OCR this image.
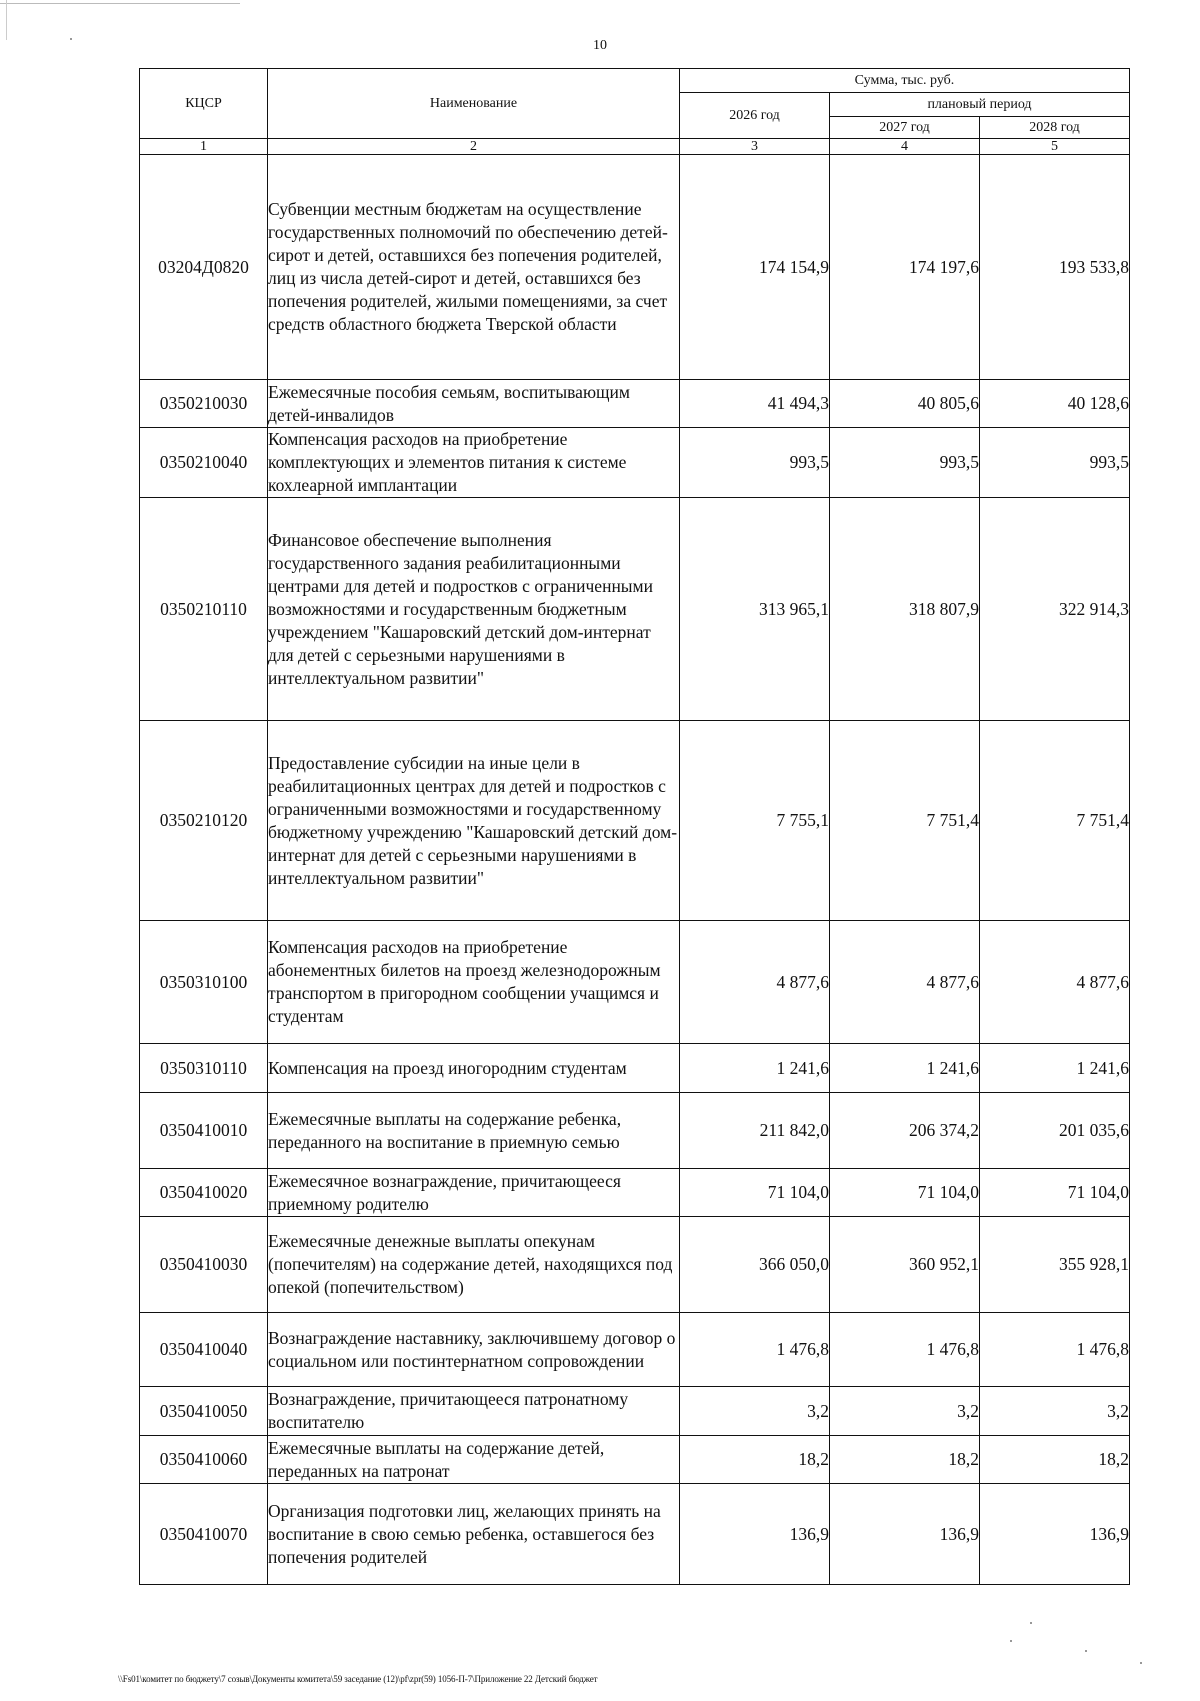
10
КЦСР	Наименование	Сумма, тыс. руб.		
		2026 год	плановый период	
			2027 год	2028 год
1	2	3	4	5
03204Д0820	Субвенции местным бюджетам на осуществление государственных полномочий по обеспечению детей-сирот и детей, оставшихся без попечения родителей, лиц из числа детей-сирот и детей, оставшихся без попечения родителей, жилыми помещениями, за счет средств областного бюджета Тверской области	174 154,9	174 197,6	193 533,8
0350210030	Ежемесячные пособия семьям, воспитывающим детей-инвалидов	41 494,3	40 805,6	40 128,6
0350210040	Компенсация расходов на приобретение комплектующих и элементов питания к системе кохлеарной имплантации	993,5	993,5	993,5
0350210110	Финансовое обеспечение выполнения государственного задания реабилитационными центрами для детей и подростков с ограниченными возможностями и государственным бюджетным учреждением "Кашаровский детский дом-интернат для детей с серьезными нарушениями в интеллектуальном развитии"	313 965,1	318 807,9	322 914,3
0350210120	Предоставление субсидии на иные цели в реабилитационных центрах для детей и подростков с ограниченными возможностями и государственному бюджетному учреждению "Кашаровский детский дом-интернат для детей с серьезными нарушениями в интеллектуальном развитии"	7 755,1	7 751,4	7 751,4
0350310100	Компенсация расходов на приобретение абонементных билетов на проезд железнодорожным транспортом в пригородном сообщении учащимся и студентам	4 877,6	4 877,6	4 877,6
0350310110	Компенсация на проезд иногородним студентам	1 241,6	1 241,6	1 241,6
0350410010	Ежемесячные выплаты на содержание ребенка, переданного на воспитание в приемную семью	211 842,0	206 374,2	201 035,6
0350410020	Ежемесячное вознаграждение, причитающееся приемному родителю	71 104,0	71 104,0	71 104,0
0350410030	Ежемесячные денежные выплаты опекунам (попечителям) на содержание детей, находящихся под опекой (попечительством)	366 050,0	360 952,1	355 928,1
0350410040	Вознаграждение наставнику, заключившему договор о социальном или постинтернатном сопровождении	1 476,8	1 476,8	1 476,8
0350410050	Вознаграждение, причитающееся патронатному воспитателю	3,2	3,2	3,2
0350410060	Ежемесячные выплаты на содержание детей, переданных на патронат	18,2	18,2	18,2
0350410070	Организация подготовки лиц, желающих принять на воспитание в свою семью ребенка, оставшегося без попечения родителей	136,9	136,9	136,9
\\Fs01\комитет по бюджету\7 созыв\Документы комитета\59 заседание (12)\pf\zpr(59) 1056-П-7\Приложение 22 Детский бюджет
